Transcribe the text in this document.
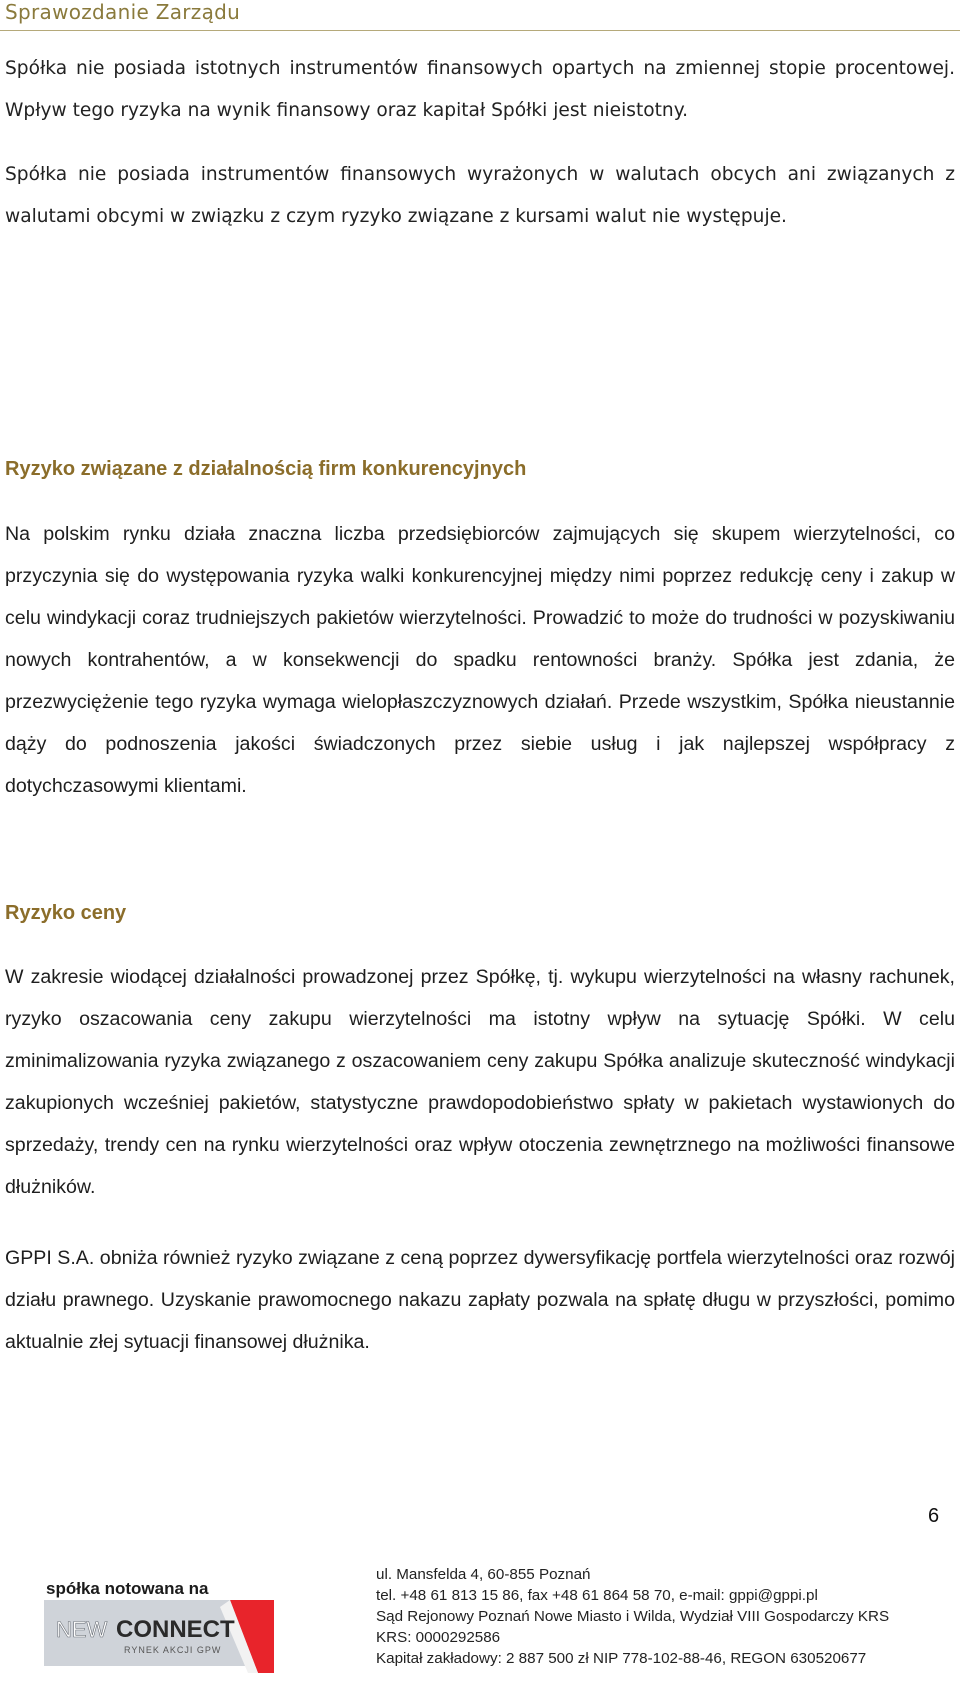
Sprawozdanie Zarządu

Spółka nie posiada istotnych instrumentów finansowych opartych na zmiennej stopie procentowej. Wpływ tego ryzyka na wynik finansowy oraz kapitał Spółki jest nieistotny.

Spółka nie posiada instrumentów finansowych wyrażonych w walutach obcych ani związanych z walutami obcymi w związku z czym ryzyko związane z kursami walut nie występuje.

Ryzyko związane z działalnością firm konkurencyjnych

Na polskim rynku działa znaczna liczba przedsiębiorców zajmujących się skupem wierzytelności, co przyczynia się do występowania ryzyka walki konkurencyjnej między nimi poprzez redukcję ceny i zakup w celu windykacji coraz trudniejszych pakietów wierzytelności. Prowadzić to może do trudności w pozyskiwaniu nowych kontrahentów, a w konsekwencji do spadku rentowności branży. Spółka jest zdania, że przezwyciężenie tego ryzyka wymaga wielopłaszczyznowych działań. Przede wszystkim, Spółka nieustannie dąży do podnoszenia jakości świadczonych przez siebie usług i jak najlepszej współpracy z dotychczasowymi klientami.

Ryzyko ceny

W zakresie wiodącej działalności prowadzonej przez Spółkę, tj. wykupu wierzytelności na własny rachunek, ryzyko oszacowania ceny zakupu wierzytelności ma istotny wpływ na sytuację Spółki. W celu zminimalizowania ryzyka związanego z oszacowaniem ceny zakupu Spółka analizuje skuteczność windykacji zakupionych wcześniej pakietów, statystyczne prawdopodobieństwo spłaty w pakietach wystawionych do sprzedaży, trendy cen na rynku wierzytelności oraz wpływ otoczenia zewnętrznego na możliwości finansowe dłużników.

GPPI S.A. obniża również ryzyko związane z ceną poprzez dywersyfikację portfela wierzytelności oraz rozwój działu prawnego. Uzyskanie prawomocnego nakazu zapłaty pozwala na spłatę długu w przyszłości, pomimo aktualnie złej sytuacji finansowej dłużnika.

6
spółka notowana na
NEW CONNECT
RYNEK AKCJI GPW
ul. Mansfelda 4, 60-855 Poznań
tel. +48 61 813 15 86, fax +48 61 864 58 70, e-mail: gppi@gppi.pl
Sąd Rejonowy Poznań Nowe Miasto i Wilda, Wydział VIII Gospodarczy KRS
KRS: 0000292586
Kapitał zakładowy: 2 887 500 zł NIP 778-102-88-46, REGON 630520677
